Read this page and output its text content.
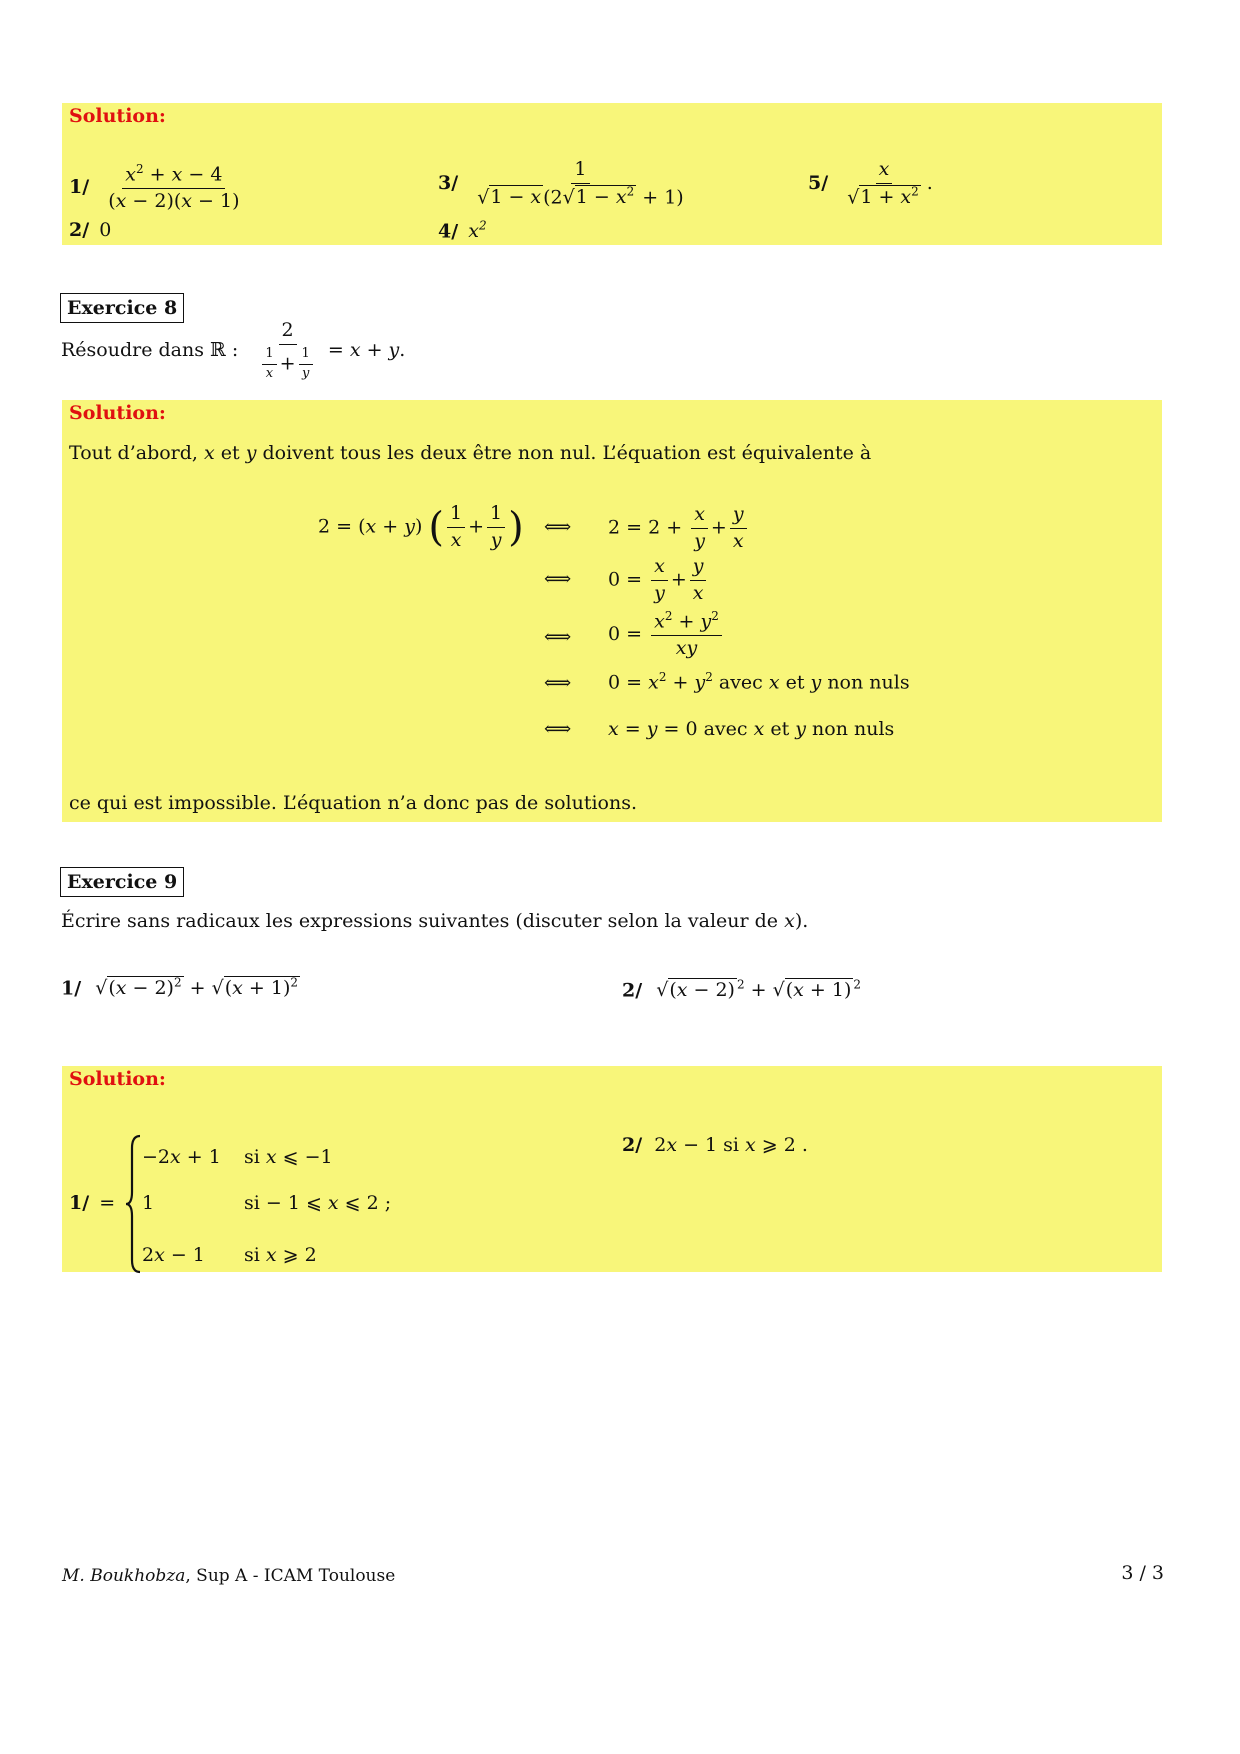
Solution:
$1/ \frac{x^2 + x - 4}{(x - 2)(x - 1)}$
2/ 0
$3/ \frac{1}{√1 - x (2√1 - x^2 + 1)}$
4/ $x^2$
$5/ \frac{x}{√1 + x^2}$ .
Exercice 8
Résoudre dans ℝ : $\frac{2}{\frac{1}{x} + \frac{1}{y}} = x + y$.
Solution:
Tout d’abord, x et y doivent tous les deux être non nul. L’équation est équivalente à
2 = (x + y) ( $\frac{1}{x} + \frac{1}{y}$ ) ⟺ $2 = 2 + \frac{x}{y} + \frac{y}{x}$
⟺ $0 = \frac{x}{y} + \frac{y}{x}$
⟺ $0 = \frac{x^2 + y^2}{xy}$
⟺ $0 = x^2 + y^2$ avec x et y non nuls
⟺ x = y = 0 avec x et y non nuls
ce qui est impossible. L’équation n’a donc pas de solutions.
Exercice 9
Écrire sans radicaux les expressions suivantes (discuter selon la valeur de x).
1/ $√(x - 2)^2 + √(x + 1)^2$	2/ √(x − 2) $^2$ + √(x + 1) $^2$
Solution:
1/ =
−2x + 1 si x ⩽ −1
1	si − 1 ⩽ x ⩽ 2 ;
2x − 1 si x ⩾ 2
2/ 2x − 1 si x ⩾ 2 .
M. Boukhobza, Sup A - ICAM Toulouse	3 / 3
